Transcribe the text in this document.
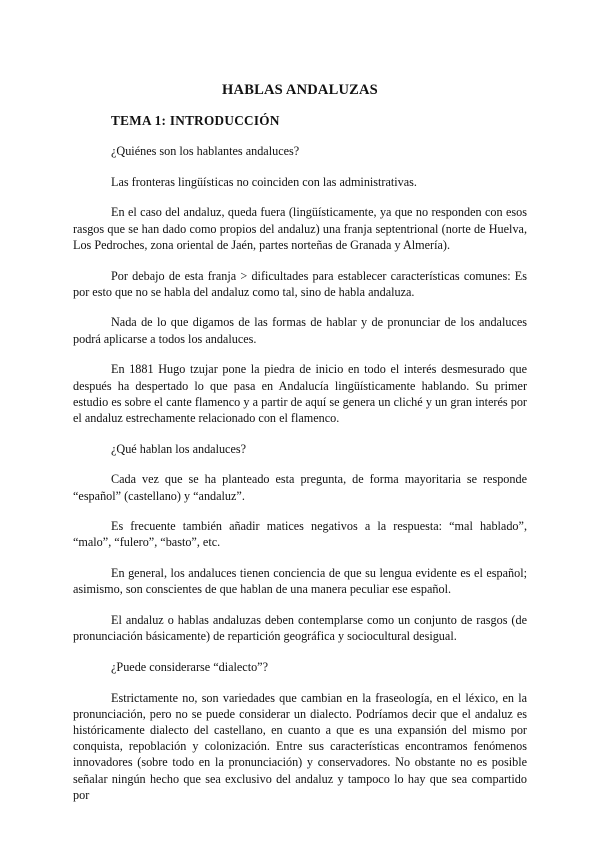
HABLAS ANDALUZAS
TEMA 1: INTRODUCCIÓN

¿Quiénes son los hablantes andaluces?

Las fronteras lingüísticas no coinciden con las administrativas.

En el caso del andaluz, queda fuera (lingüísticamente, ya que no responden con esos rasgos que se han dado como propios del andaluz) una franja septentrional (norte de Huelva, Los Pedroches, zona oriental de Jaén, partes norteñas de Granada y Almería).

Por debajo de esta franja > dificultades para establecer características comunes: Es por esto que no se habla del andaluz como tal, sino de habla andaluza.

Nada de lo que digamos de las formas de hablar y de pronunciar de los andaluces podrá aplicarse a todos los andaluces.

En 1881 Hugo tzujar pone la piedra de inicio en todo el interés desmesurado que después ha despertado lo que pasa en Andalucía lingüísticamente hablando. Su primer estudio es sobre el cante flamenco y a partir de aquí se genera un cliché y un gran interés por el andaluz estrechamente relacionado con el flamenco.

¿Qué hablan los andaluces?

Cada vez que se ha planteado esta pregunta, de forma mayoritaria se responde “español” (castellano) y “andaluz”.

Es frecuente también añadir matices negativos a la respuesta: “mal hablado”, “malo”, “fulero”, “basto”, etc.

En general, los andaluces tienen conciencia de que su lengua evidente es el español; asimismo, son conscientes de que hablan de una manera peculiar ese español.

El andaluz o hablas andaluzas deben contemplarse como un conjunto de rasgos (de pronunciación básicamente) de repartición geográfica y sociocultural desigual.

¿Puede considerarse “dialecto”?

Estrictamente no, son variedades que cambian en la fraseología, en el léxico, en la pronunciación, pero no se puede considerar un dialecto. Podríamos decir que el andaluz es históricamente dialecto del castellano, en cuanto a que es una expansión del mismo por conquista, repoblación y colonización. Entre sus características encontramos fenómenos innovadores (sobre todo en la pronunciación) y conservadores. No obstante no es posible señalar ningún hecho que sea exclusivo del andaluz y tampoco lo hay que sea compartido por
